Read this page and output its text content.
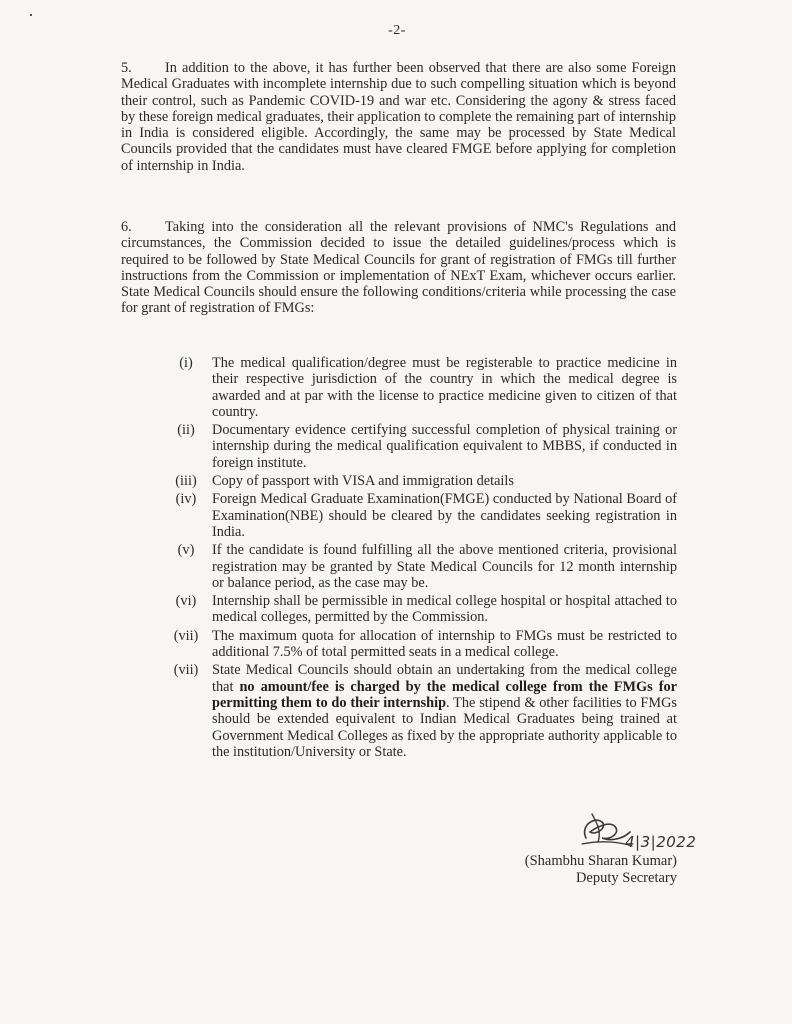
-2-

5. In addition to the above, it has further been observed that there are also some Foreign Medical Graduates with incomplete internship due to such compelling situation which is beyond their control, such as Pandemic COVID-19 and war etc. Considering the agony & stress faced by these foreign medical graduates, their application to complete the remaining part of internship in India is considered eligible. Accordingly, the same may be processed by State Medical Councils provided that the candidates must have cleared FMGE before applying for completion of internship in India.

6. Taking into the consideration all the relevant provisions of NMC's Regulations and circumstances, the Commission decided to issue the detailed guidelines/process which is required to be followed by State Medical Councils for grant of registration of FMGs till further instructions from the Commission or implementation of NExT Exam, whichever occurs earlier. State Medical Councils should ensure the following conditions/criteria while processing the case for grant of registration of FMGs:

(i)	The medical qualification/degree must be registerable to practice medicine in their respective jurisdiction of the country in which the medical degree is awarded and at par with the license to practice medicine given to citizen of that country.
(ii)	Documentary evidence certifying successful completion of physical training or internship during the medical qualification equivalent to MBBS, if conducted in foreign institute.
(iii)	Copy of passport with VISA and immigration details
(iv)	Foreign Medical Graduate Examination(FMGE) conducted by National Board of Examination(NBE) should be cleared by the candidates seeking registration in India.
(v)	If the candidate is found fulfilling all the above mentioned criteria, provisional registration may be granted by State Medical Councils for 12 month internship or balance period, as the case may be.
(vi)	Internship shall be permissible in medical college hospital or hospital attached to medical colleges, permitted by the Commission.
(vii) The maximum quota for allocation of internship to FMGs must be restricted to additional 7.5% of total permitted seats in a medical college.
(vii) State Medical Councils should obtain an undertaking from the medical college that no amount/fee is charged by the medical college from the FMGs for permitting them to do their internship. The stipend & other facilities to FMGs should be extended equivalent to Indian Medical Graduates being trained at Government Medical Colleges as fixed by the appropriate authority applicable to the institution/University or State.
4|3|2022
(Shambhu Sharan Kumar)
Deputy Secretary
